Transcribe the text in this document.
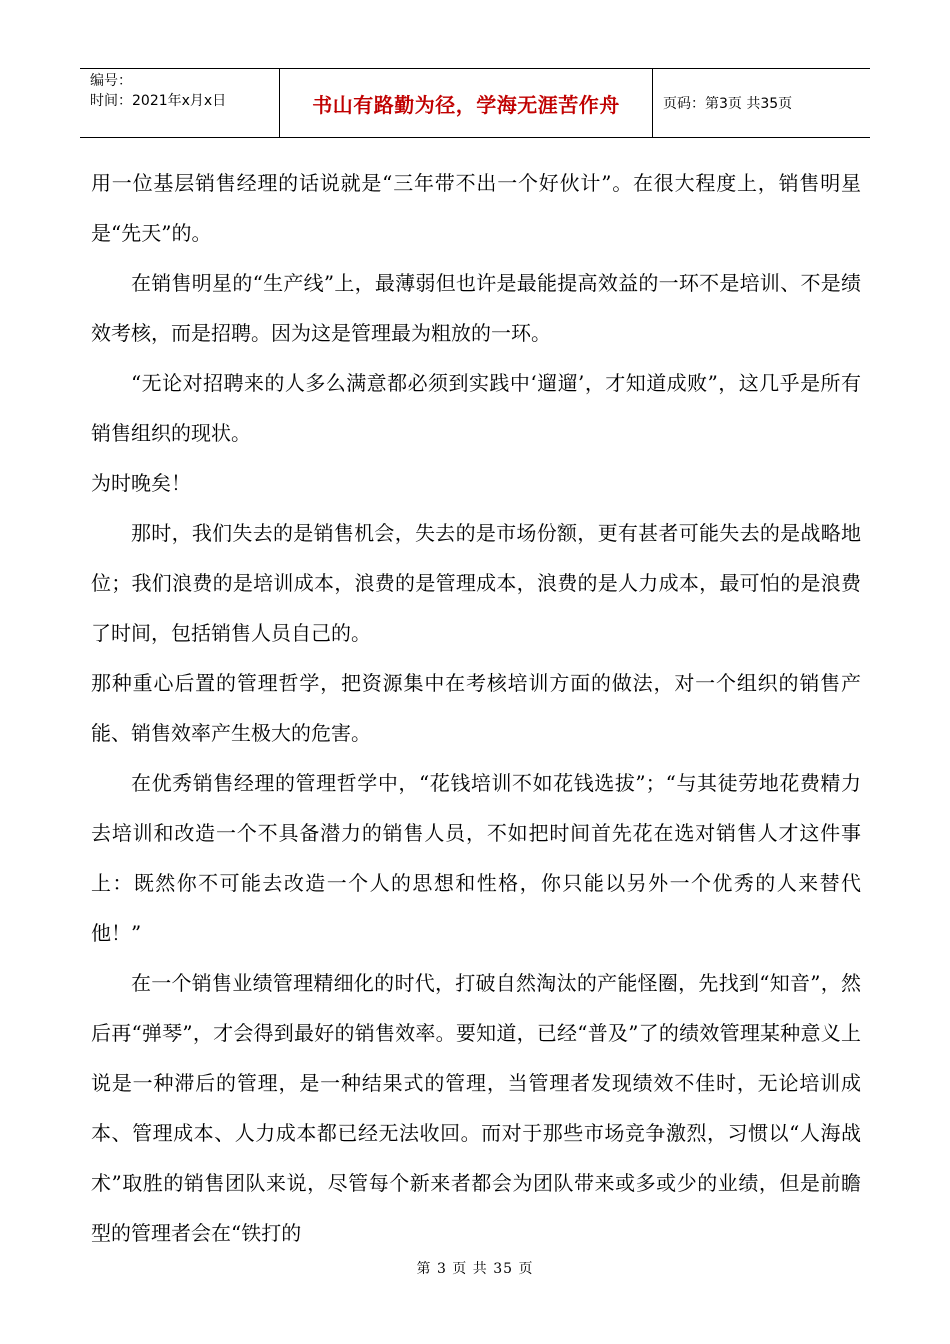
编号：
时间：2021年x月x日	书山有路勤为径，学海无涯苦作舟	页码：第3页 共35页

用一位基层销售经理的话说就是“三年带不出一个好伙计”。在很大程度上，销售明星是“先天”的。

在销售明星的“生产线”上，最薄弱但也许是最能提高效益的一环不是培训、不是绩效考核，而是招聘。因为这是管理最为粗放的一环。

“无论对招聘来的人多么满意都必须到实践中‘遛遛’，才知道成败”，这几乎是所有销售组织的现状。

为时晚矣！

那时，我们失去的是销售机会，失去的是市场份额，更有甚者可能失去的是战略地位；我们浪费的是培训成本，浪费的是管理成本，浪费的是人力成本，最可怕的是浪费了时间，包括销售人员自己的。

那种重心后置的管理哲学，把资源集中在考核培训方面的做法，对一个组织的销售产能、销售效率产生极大的危害。

在优秀销售经理的管理哲学中，“花钱培训不如花钱选拔”；“与其徒劳地花费精力去培训和改造一个不具备潜力的销售人员，不如把时间首先花在选对销售人才这件事上：既然你不可能去改造一个人的思想和性格，你只能以另外一个优秀的人来替代他！”

在一个销售业绩管理精细化的时代，打破自然淘汰的产能怪圈，先找到“知音”，然后再“弹琴”，才会得到最好的销售效率。要知道，已经“普及”了的绩效管理某种意义上说是一种滞后的管理，是一种结果式的管理，当管理者发现绩效不佳时，无论培训成本、管理成本、人力成本都已经无法收回。而对于那些市场竞争激烈，习惯以“人海战术”取胜的销售团队来说，尽管每个新来者都会为团队带来或多或少的业绩，但是前瞻型的管理者会在“铁打的

第 3 页 共 35 页
